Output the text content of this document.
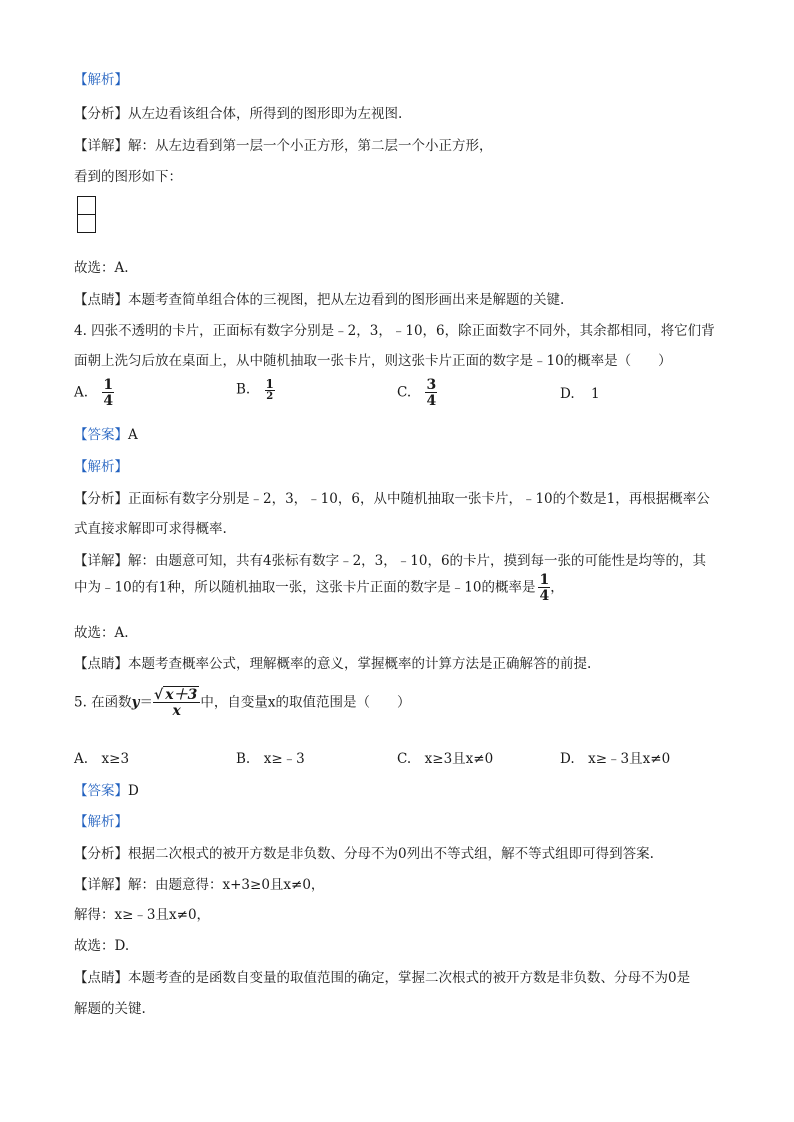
【解析】
【分析】从左边看该组合体，所得到的图形即为左视图.
【详解】解：从左边看到第一层一个小正方形，第二层一个小正方形，
看到的图形如下：
故选：A.
【点睛】本题考查简单组合体的三视图，把从左边看到的图形画出来是解题的关键.
4. 四张不透明的卡片，正面标有数字分别是﹣2，3，﹣10，6，除正面数字不同外，其余都相同，将它们背
面朝上洗匀后放在桌面上，从中随机抽取一张卡片，则这张卡片正面的数字是﹣10的概率是（　　）
A. $\frac{1}{4}$	B. $\frac{1}{2}$	C. $\frac{3}{4}$	D. 1
【答案】A
【解析】
【分析】正面标有数字分别是﹣2，3，﹣10，6，从中随机抽取一张卡片，﹣10的个数是1，再根据概率公
式直接求解即可求得概率.
【详解】解：由题意可知，共有4张标有数字﹣2，3，﹣10，6的卡片，摸到每一张的可能性是均等的，其
中为﹣10的有1种，所以随机抽取一张，这张卡片正面的数字是﹣10的概率是 $\frac{1}{4}$ ，
故选：A.
【点睛】本题考查概率公式，理解概率的意义，掌握概率的计算方法是正确解答的前提.
5. 在函数$y= \frac{√ x+3}{x}$ 中，自变量x的取值范围是（　　）
A.　x≥3	B.　x≥﹣3	C.　x≥3且x≠0	D.　x≥﹣3且x≠0
【答案】D
【解析】
【分析】根据二次根式的被开方数是非负数、分母不为0列出不等式组，解不等式组即可得到答案.
【详解】解：由题意得：x+3≥0且x≠0，
解得：x≥﹣3且x≠0，
故选：D.
【点睛】本题考查的是函数自变量的取值范围的确定，掌握二次根式的被开方数是非负数、分母不为0是
解题的关键.
